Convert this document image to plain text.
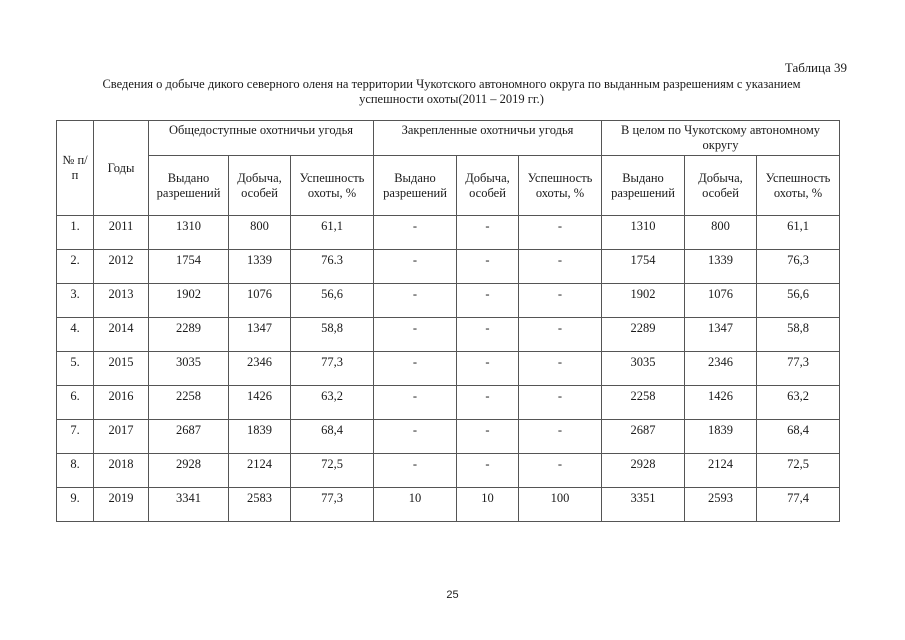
Таблица 39
Сведения о добыче дикого северного оленя на территории Чукотского автономного округа по выданным разрешениям с указанием
успешности охоты(2011 – 2019 гг.)
№ п/п	Годы	Общедоступные охотничьи угодья			Закрепленные охотничьи угодья			В целом по Чукотскому автономному округу		
		Выдано разрешений	Добыча, особей	Успешность охоты, %	Выдано разрешений	Добыча, особей	Успешность охоты, %	Выдано разрешений	Добыча, особей	Успешность охоты, %
1.	2011	1310	800	61,1	-	-	-	1310	800	61,1
2.	2012	1754	1339	76.3	-	-	-	1754	1339	76,3
3.	2013	1902	1076	56,6	-	-	-	1902	1076	56,6
4.	2014	2289	1347	58,8	-	-	-	2289	1347	58,8
5.	2015	3035	2346	77,3	-	-	-	3035	2346	77,3
6.	2016	2258	1426	63,2	-	-	-	2258	1426	63,2
7.	2017	2687	1839	68,4	-	-	-	2687	1839	68,4
8.	2018	2928	2124	72,5	-	-	-	2928	2124	72,5
9.	2019	3341	2583	77,3	10	10	100	3351	2593	77,4
25
